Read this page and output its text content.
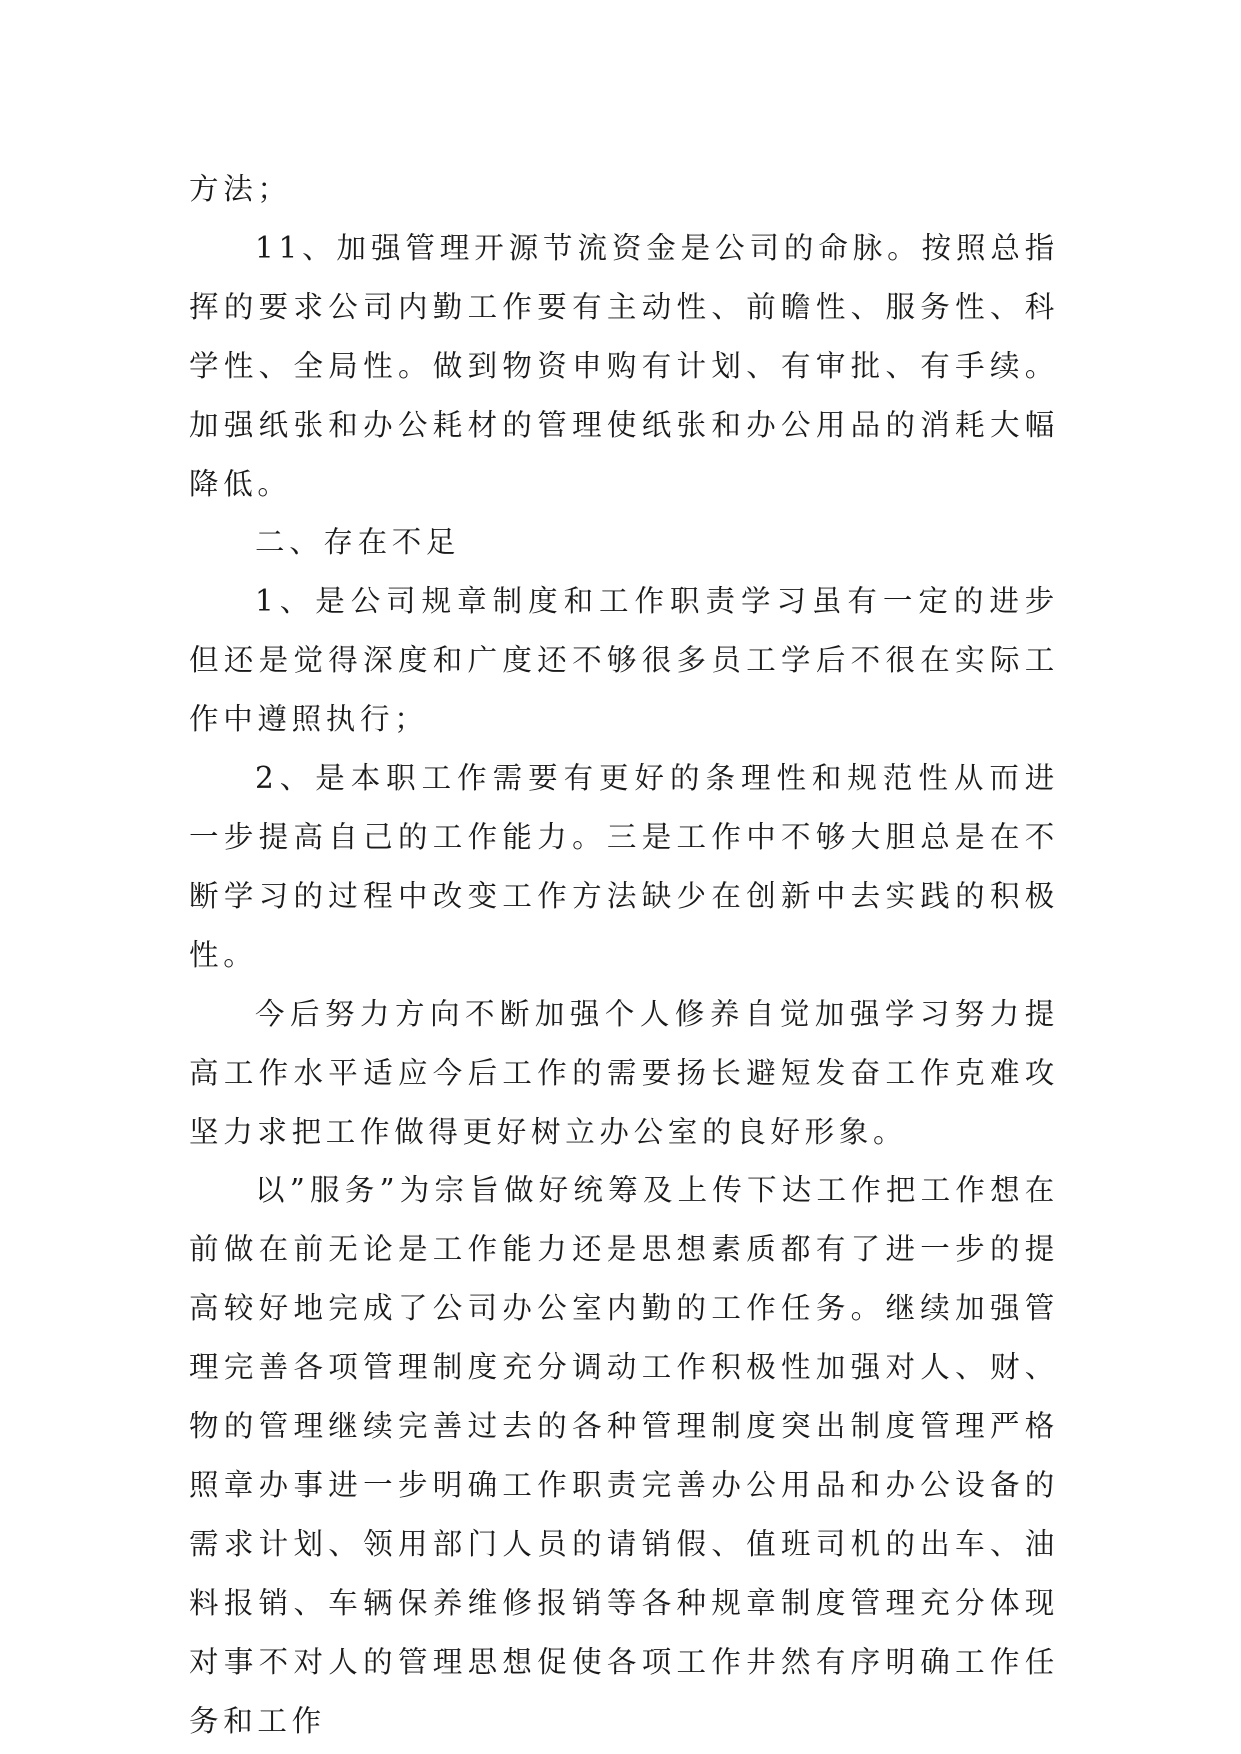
方法；

11、加强管理开源节流资金是公司的命脉。按照总指挥的要求公司内勤工作要有主动性、前瞻性、服务性、科学性、全局性。做到物资申购有计划、有审批、有手续。加强纸张和办公耗材的管理使纸张和办公用品的消耗大幅降低。

二、存在不足

1、是公司规章制度和工作职责学习虽有一定的进步但还是觉得深度和广度还不够很多员工学后不很在实际工作中遵照执行；

2、是本职工作需要有更好的条理性和规范性从而进一步提高自己的工作能力。三是工作中不够大胆总是在不断学习的过程中改变工作方法缺少在创新中去实践的积极性。

今后努力方向不断加强个人修养自觉加强学习努力提高工作水平适应今后工作的需要扬长避短发奋工作克难攻坚力求把工作做得更好树立办公室的良好形象。

以”服务”为宗旨做好统筹及上传下达工作把工作想在前做在前无论是工作能力还是思想素质都有了进一步的提高较好地完成了公司办公室内勤的工作任务。继续加强管理完善各项管理制度充分调动工作积极性加强对人、财、物的管理继续完善过去的各种管理制度突出制度管理严格照章办事进一步明确工作职责完善办公用品和办公设备的需求计划、领用部门人员的请销假、值班司机的出车、油料报销、车辆保养维修报销等各种规章制度管理充分体现对事不对人的管理思想促使各项工作井然有序明确工作任务和工作
